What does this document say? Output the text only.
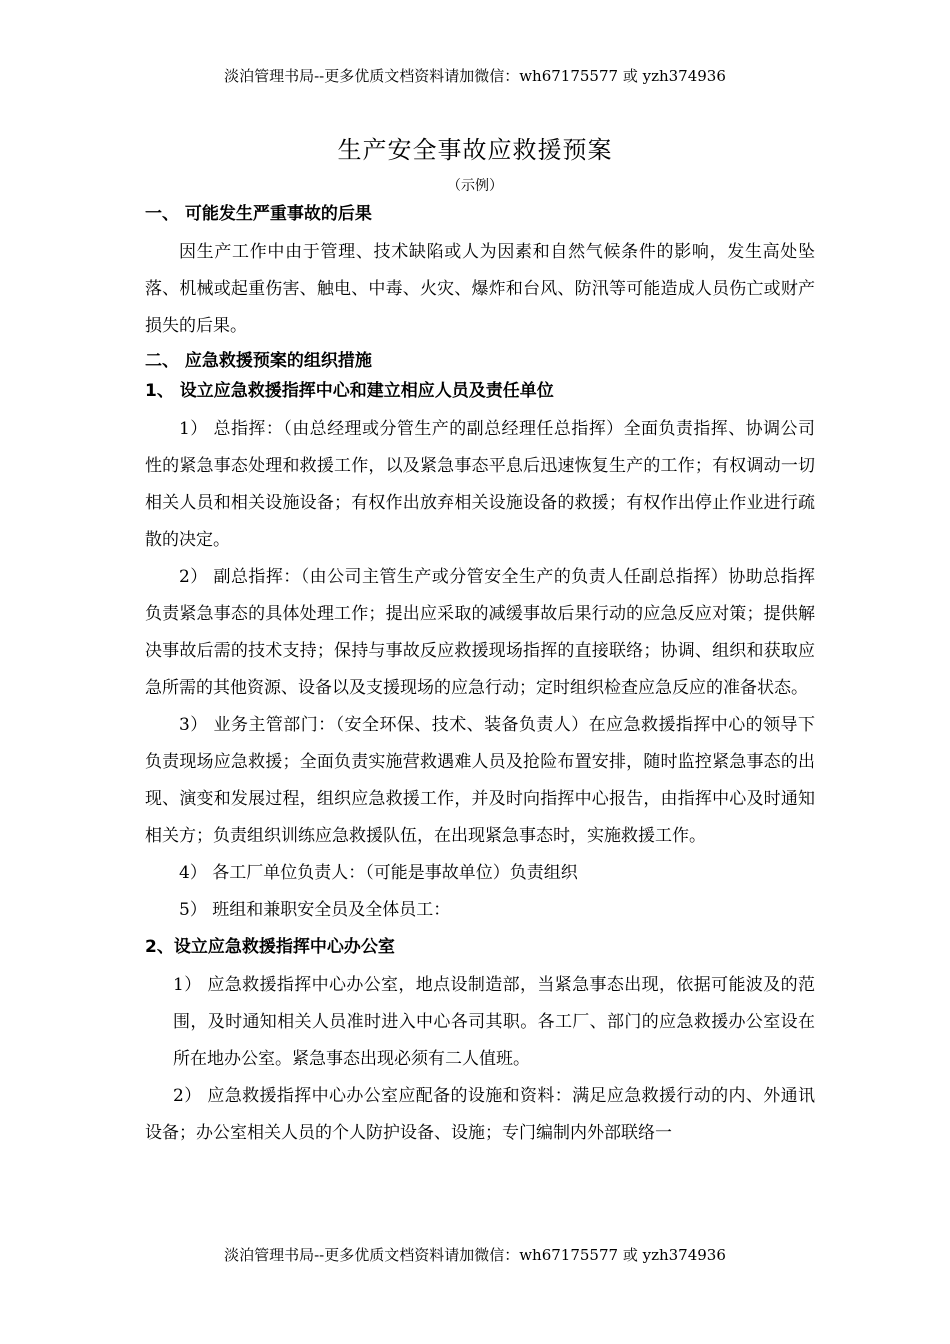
淡泊管理书局--更多优质文档资料请加微信：wh67175577 或 yzh374936
生产安全事故应救援预案
（示例）
一、 可能发生严重事故的后果

因生产工作中由于管理、技术缺陷或人为因素和自然气候条件的影响，发生高处坠落、机械或起重伤害、触电、中毒、火灾、爆炸和台风、防汛等可能造成人员伤亡或财产损失的后果。

二、 应急救援预案的组织措施
1、 设立应急救援指挥中心和建立相应人员及责任单位

1） 总指挥：（由总经理或分管生产的副总经理任总指挥）全面负责指挥、协调公司性的紧急事态处理和救援工作，以及紧急事态平息后迅速恢复生产的工作；有权调动一切相关人员和相关设施设备；有权作出放弃相关设施设备的救援；有权作出停止作业进行疏散的决定。

2） 副总指挥：（由公司主管生产或分管安全生产的负责人任副总指挥）协助总指挥负责紧急事态的具体处理工作；提出应采取的减缓事故后果行动的应急反应对策；提供解决事故后需的技术支持；保持与事故反应救援现场指挥的直接联络；协调、组织和获取应急所需的其他资源、设备以及支援现场的应急行动；定时组织检查应急反应的准备状态。

3） 业务主管部门：（安全环保、技术、装备负责人）在应急救援指挥中心的领导下负责现场应急救援；全面负责实施营救遇难人员及抢险布置安排，随时监控紧急事态的出现、演变和发展过程，组织应急救援工作，并及时向指挥中心报告，由指挥中心及时通知相关方；负责组织训练应急救援队伍，在出现紧急事态时，实施救援工作。

4） 各工厂单位负责人：（可能是事故单位）负责组织

5） 班组和兼职安全员及全体员工：

2、设立应急救援指挥中心办公室

1） 应急救援指挥中心办公室，地点设制造部，当紧急事态出现，依据可能波及的范围，及时通知相关人员准时进入中心各司其职。各工厂、部门的应急救援办公室设在所在地办公室。紧急事态出现必须有二人值班。

2） 应急救援指挥中心办公室应配备的设施和资料：满足应急救援行动的内、外通讯设备；办公室相关人员的个人防护设备、设施；专门编制内外部联络一

淡泊管理书局--更多优质文档资料请加微信：wh67175577 或 yzh374936
